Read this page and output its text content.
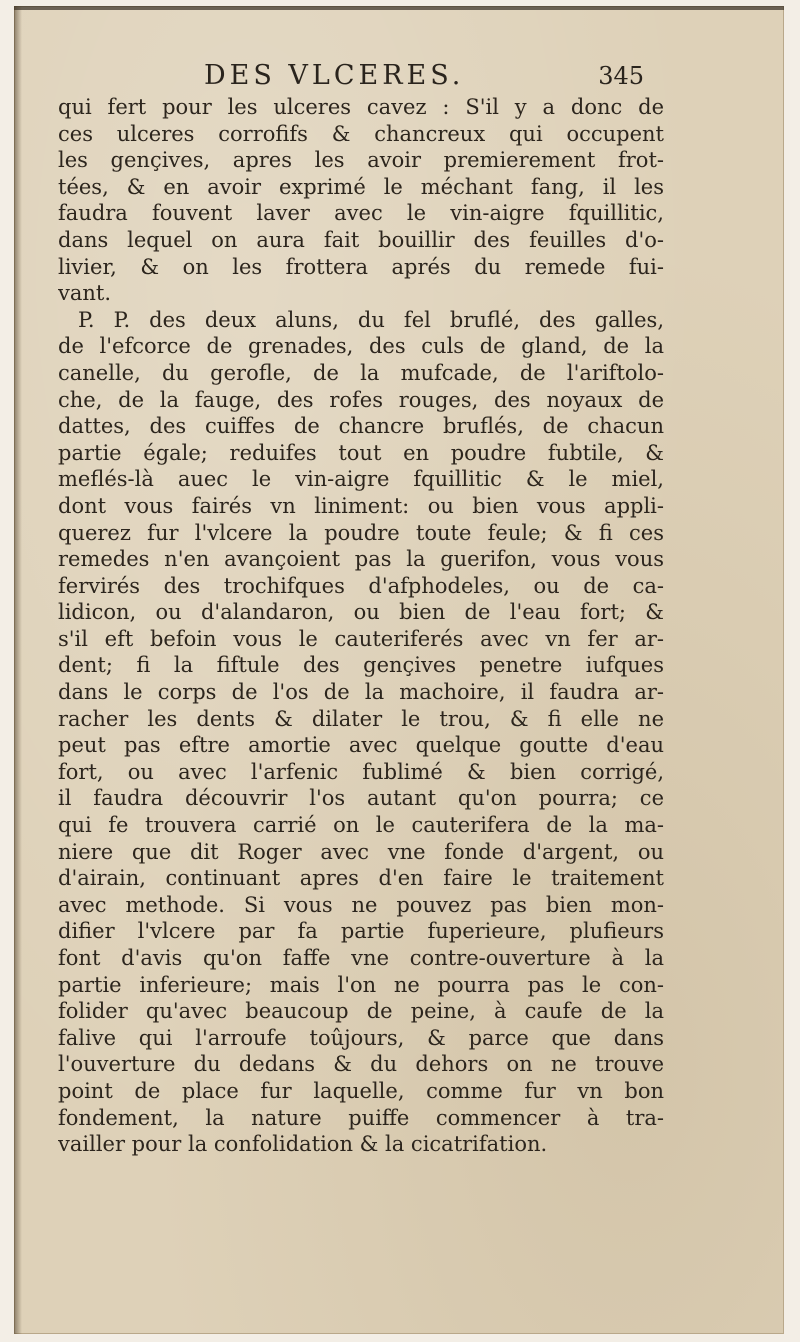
DES VLCERES.	345
qui fert pour les ulceres cavez : S'il y a donc de
ces ulceres corrofifs & chancreux qui occupent
les gençives, apres les avoir premierement frot-
tées, & en avoir exprimé le méchant fang, il les
faudra fouvent laver avec le vin-aigre fquillitic,
dans lequel on aura fait bouillir des feuilles d'o-
livier, & on les frottera aprés du remede fui-
vant.
P. P. des deux aluns, du fel bruflé, des galles,
de l'efcorce de grenades, des culs de gland, de la
canelle, du gerofle, de la mufcade, de l'ariftolo-
che, de la fauge, des rofes rouges, des noyaux de
dattes, des cuiffes de chancre bruflés, de chacun
partie égale; reduifes tout en poudre fubtile, &
meflés-là auec le vin-aigre fquillitic & le miel,
dont vous fairés vn liniment: ou bien vous appli-
querez fur l'vlcere la poudre toute feule; & fi ces
remedes n'en avançoient pas la guerifon, vous vous
fervirés des trochifques d'afphodeles, ou de ca-
lidicon, ou d'alandaron, ou bien de l'eau fort; &
s'il eft befoin vous le cauteriferés avec vn fer ar-
dent; fi la fiftule des gençives penetre iufques
dans le corps de l'os de la machoire, il faudra ar-
racher les dents & dilater le trou, & fi elle ne
peut pas eftre amortie avec quelque goutte d'eau
fort, ou avec l'arfenic fublimé & bien corrigé,
il faudra découvrir l'os autant qu'on pourra; ce
qui fe trouvera carrié on le cauterifera de la ma-
niere que dit Roger avec vne fonde d'argent, ou
d'airain, continuant apres d'en faire le traitement
avec methode. Si vous ne pouvez pas bien mon-
difier l'vlcere par fa partie fuperieure, plufieurs
font d'avis qu'on faffe vne contre-ouverture à la
partie inferieure; mais l'on ne pourra pas le con-
folider qu'avec beaucoup de peine, à caufe de la
falive qui l'arroufe toûjours, & parce que dans
l'ouverture du dedans & du dehors on ne trouve
point de place fur laquelle, comme fur vn bon
fondement, la nature puiffe commencer à tra-
vailler pour la confolidation & la cicatrifation.
